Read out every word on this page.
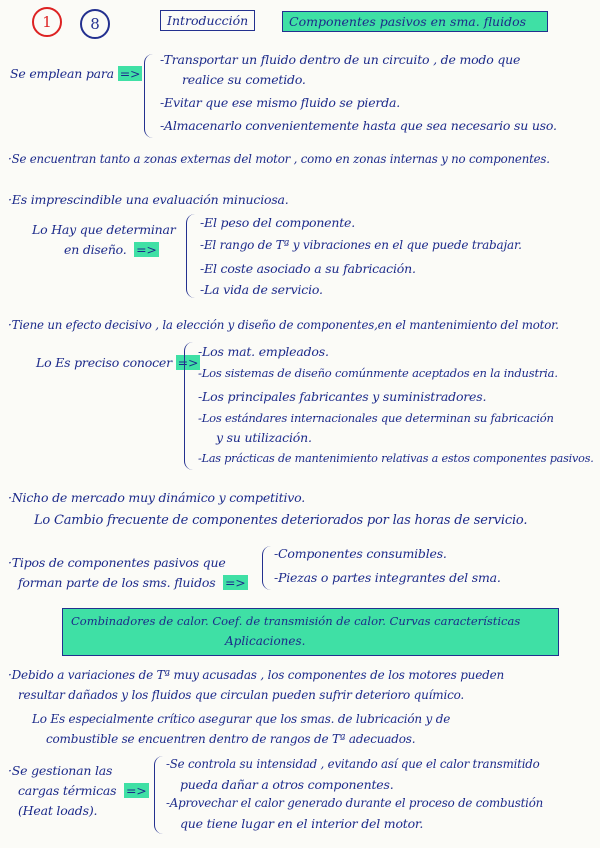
1	8	Introducción	Componentes pasivos en sma. fluidos
Se emplean para =>
-Transportar un fluido dentro de un circuito , de modo que
realice su cometido.
-Evitar que ese mismo fluido se pierda.
-Almacenarlo convenientemente hasta que sea necesario su uso.
·Se encuentran tanto a zonas externas del motor , como en zonas internas y no componentes.
·Es imprescindible una evaluación minuciosa.
Lo Hay que determinar
en diseño. =>
-El peso del componente.
-El rango de Tª y vibraciones en el que puede trabajar.
-El coste asociado a su fabricación.
-La vida de servicio.
·Tiene un efecto decisivo , la elección y diseño de componentes,en el mantenimiento del motor.
Lo Es preciso conocer =>
-Los mat. empleados.
-Los sistemas de diseño comúnmente aceptados en la industria.
-Los principales fabricantes y suministradores.
-Los estándares internacionales que determinan su fabricación
y su utilización.
-Las prácticas de mantenimiento relativas a estos componentes pasivos.
·Nicho de mercado muy dinámico y competitivo.
Lo Cambio frecuente de componentes deteriorados por las horas de servicio.
·Tipos de componentes pasivos que
forman parte de los sms. fluidos =>
-Componentes consumibles.
-Piezas o partes integrantes del sma.
Combinadores de calor. Coef. de transmisión de calor. Curvas características
Aplicaciones.
·Debido a variaciones de Tª muy acusadas , los componentes de los motores pueden
resultar dañados y los fluidos que circulan pueden sufrir deterioro químico.
Lo Es especialmente crítico asegurar que los smas. de lubricación y de
combustible se encuentren dentro de rangos de Tª adecuados.
·Se gestionan las
cargas térmicas =>
(Heat loads).
-Se controla su intensidad , evitando así que el calor transmitido
pueda dañar a otros componentes.
-Aprovechar el calor generado durante el proceso de combustión
que tiene lugar en el interior del motor.
